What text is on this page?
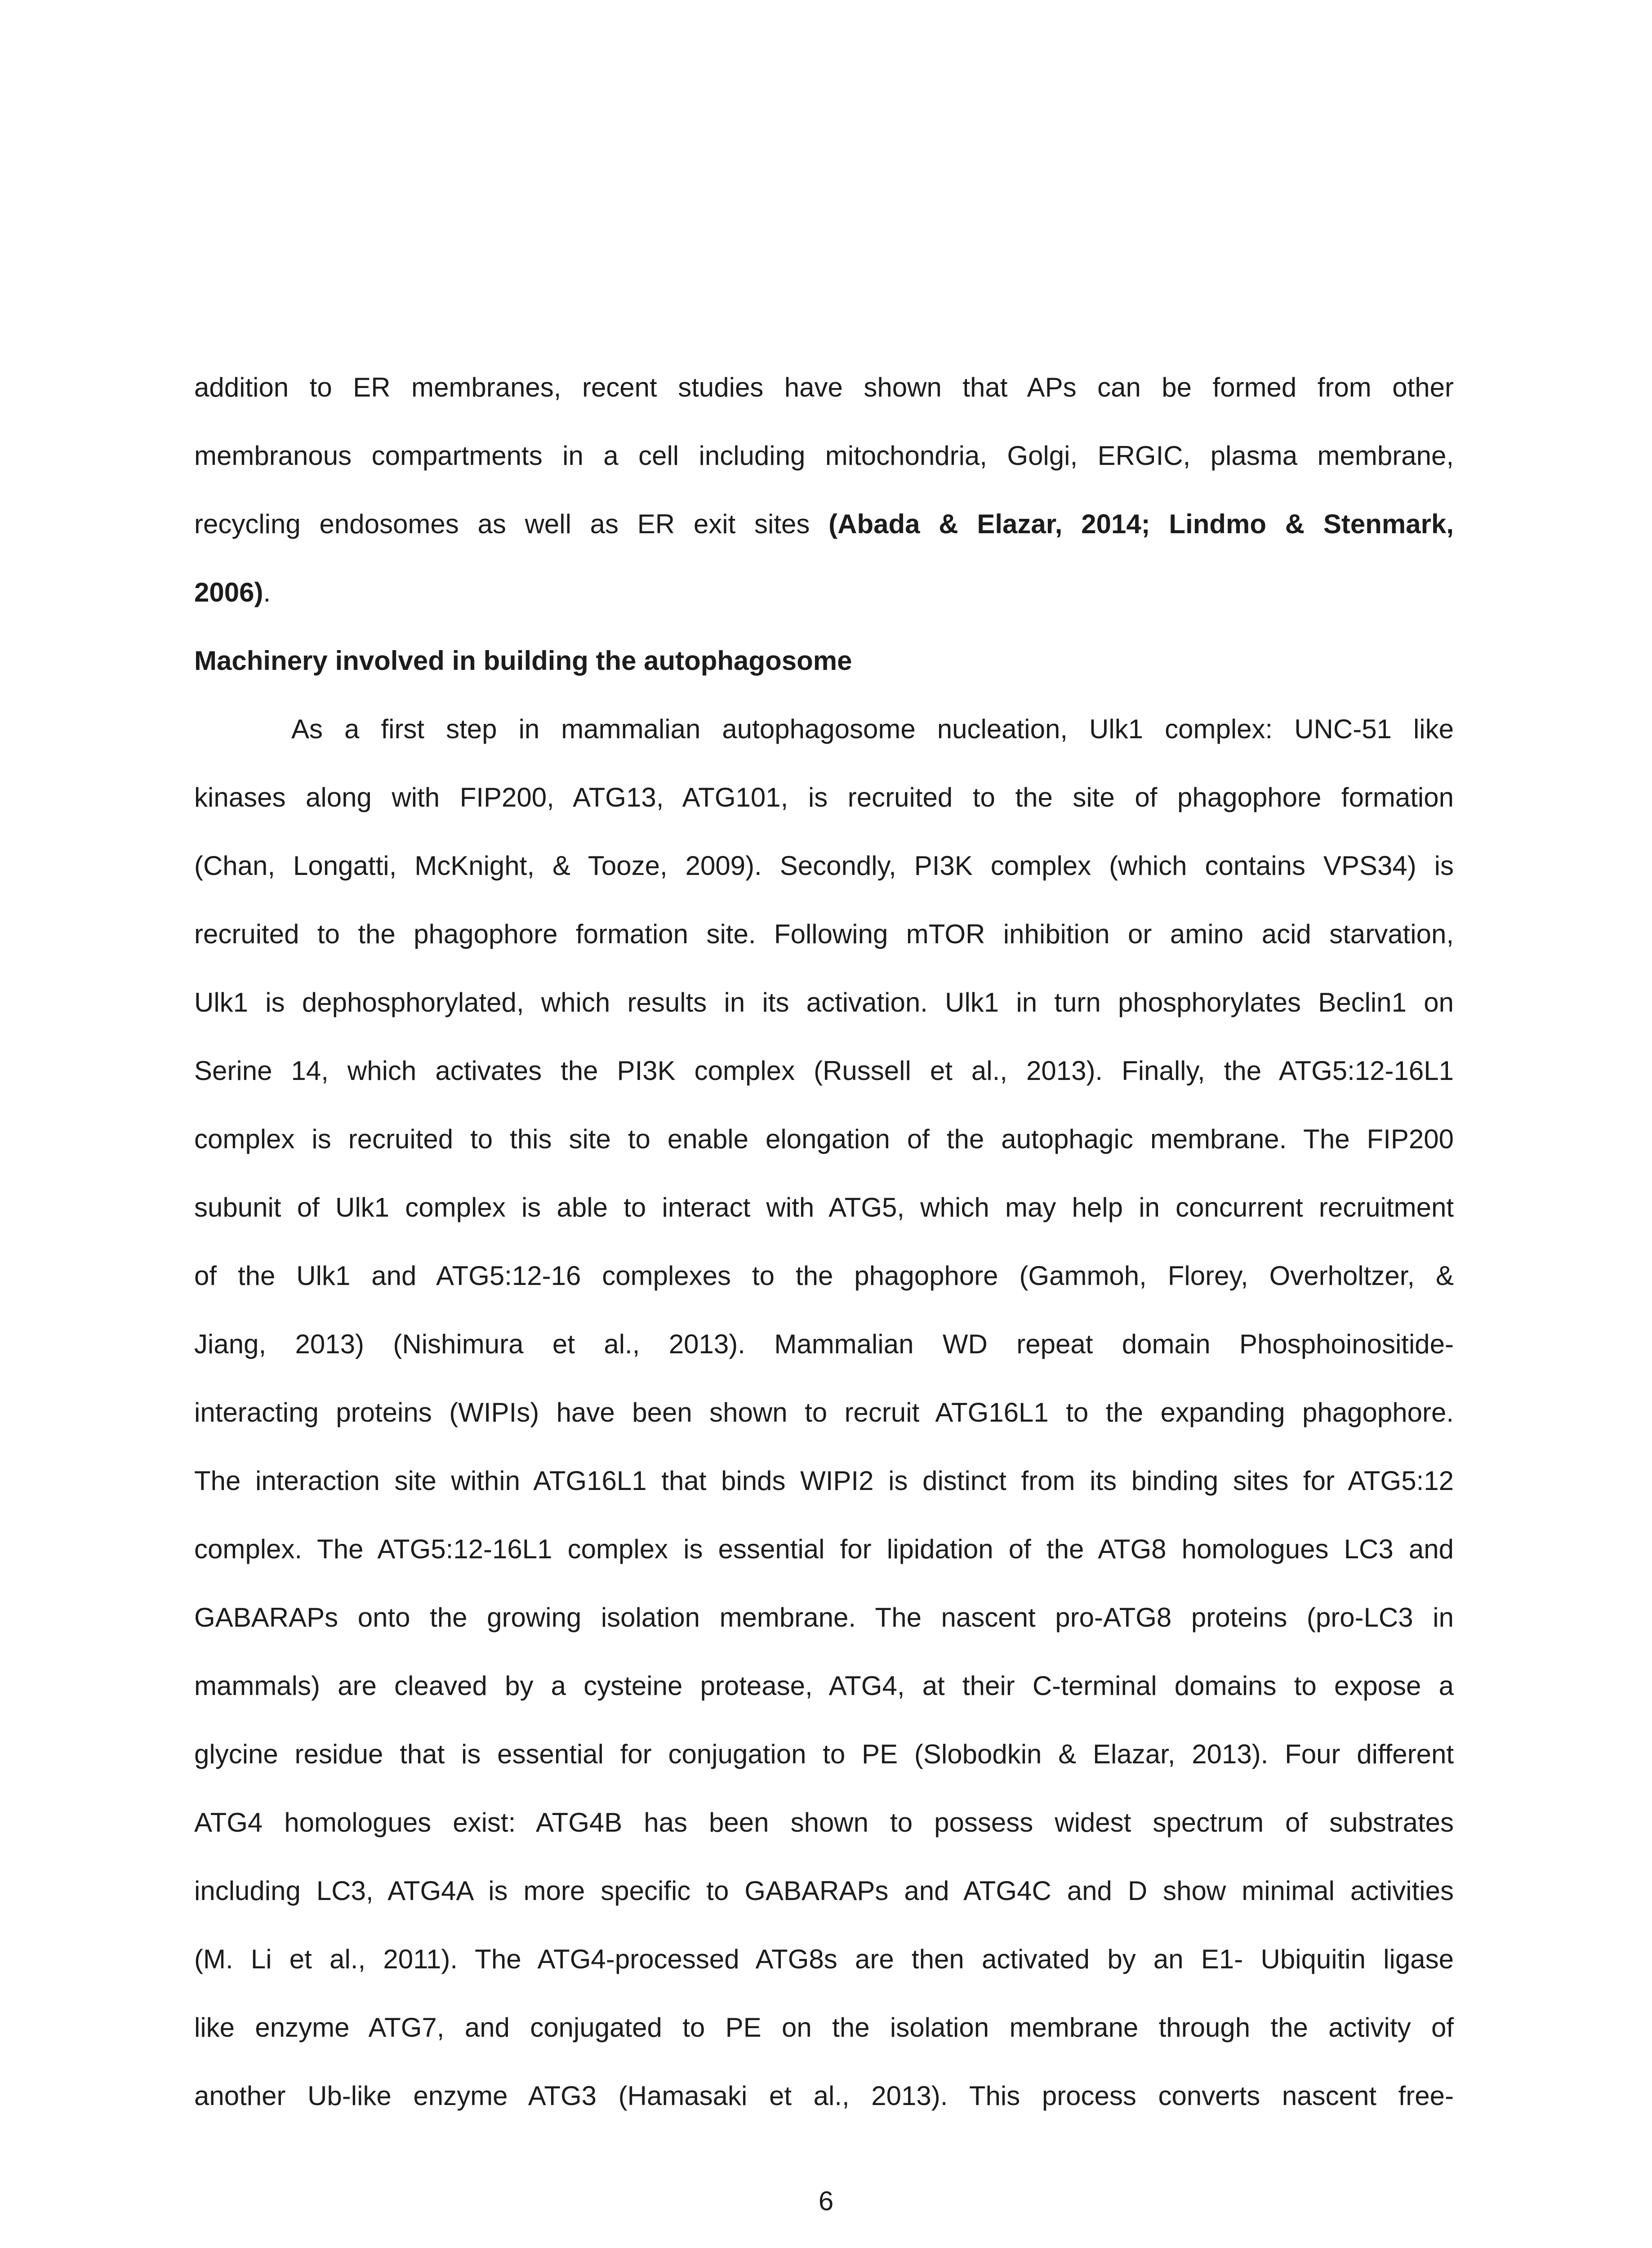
addition to ER membranes, recent studies have shown that APs can be formed from other
membranous compartments in a cell including mitochondria, Golgi, ERGIC, plasma membrane,
recycling endosomes as well as ER exit sites (Abada & Elazar, 2014; Lindmo & Stenmark,
2006).
Machinery involved in building the autophagosome
As a first step in mammalian autophagosome nucleation, Ulk1 complex: UNC-51 like
kinases along with FIP200, ATG13, ATG101, is recruited to the site of phagophore formation
(Chan, Longatti, McKnight, & Tooze, 2009). Secondly, PI3K complex (which contains VPS34) is
recruited to the phagophore formation site. Following mTOR inhibition or amino acid starvation,
Ulk1 is dephosphorylated, which results in its activation. Ulk1 in turn phosphorylates Beclin1 on
Serine 14, which activates the PI3K complex (Russell et al., 2013). Finally, the ATG5:12-16L1
complex is recruited to this site to enable elongation of the autophagic membrane. The FIP200
subunit of Ulk1 complex is able to interact with ATG5, which may help in concurrent recruitment
of the Ulk1 and ATG5:12-16 complexes to the phagophore (Gammoh, Florey, Overholtzer, &
Jiang, 2013) (Nishimura et al., 2013). Mammalian WD repeat domain Phosphoinositide-
interacting proteins (WIPIs) have been shown to recruit ATG16L1 to the expanding phagophore.
The interaction site within ATG16L1 that binds WIPI2 is distinct from its binding sites for ATG5:12
complex. The ATG5:12-16L1 complex is essential for lipidation of the ATG8 homologues LC3 and
GABARAPs onto the growing isolation membrane. The nascent pro-ATG8 proteins (pro-LC3 in
mammals) are cleaved by a cysteine protease, ATG4, at their C-terminal domains to expose a
glycine residue that is essential for conjugation to PE (Slobodkin & Elazar, 2013). Four different
ATG4 homologues exist: ATG4B has been shown to possess widest spectrum of substrates
including LC3, ATG4A is more specific to GABARAPs and ATG4C and D show minimal activities
(M. Li et al., 2011). The ATG4-processed ATG8s are then activated by an E1- Ubiquitin ligase
like enzyme ATG7, and conjugated to PE on the isolation membrane through the activity of
another Ub-like enzyme ATG3 (Hamasaki et al., 2013). This process converts nascent free-
6
